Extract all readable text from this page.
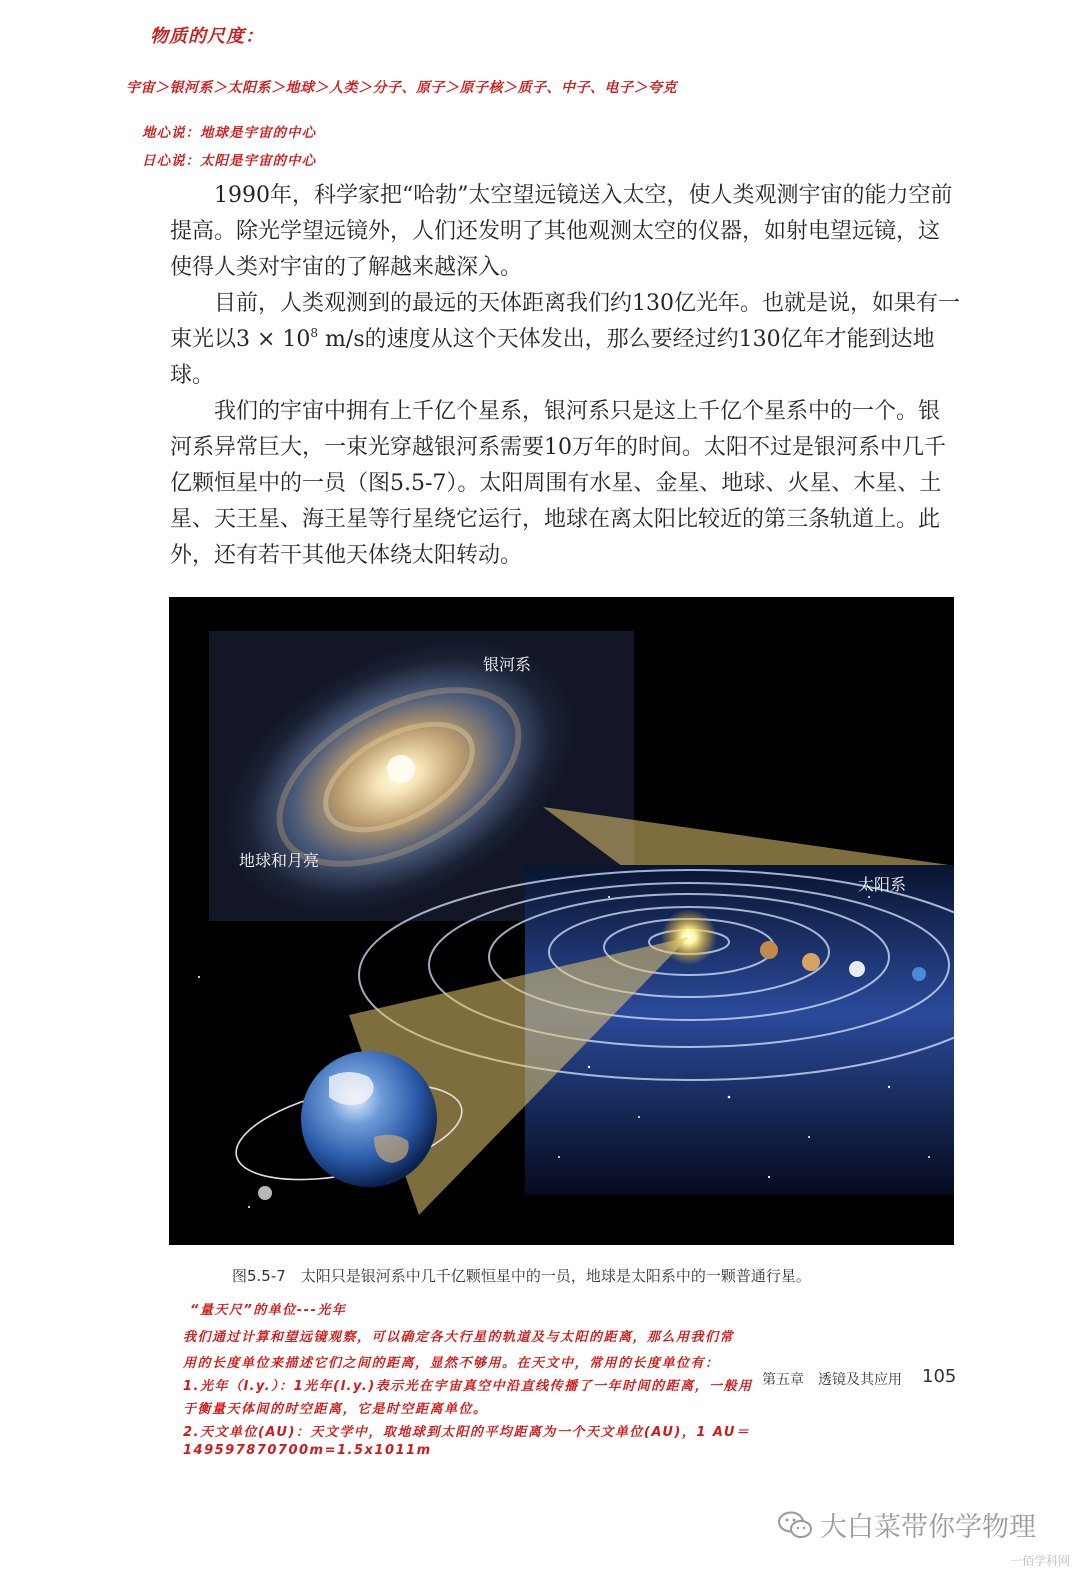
物质的尺度：
宇宙＞银河系＞太阳系＞地球＞人类＞分子、原子＞原子核＞质子、中子、电子＞夸克
地心说：地球是宇宙的中心
日心说：太阳是宇宙的中心

1990年，科学家把“哈勃”太空望远镜送入太空，使人类观测宇宙的能力空前提高。除光学望远镜外，人们还发明了其他观测太空的仪器，如射电望远镜，这使得人类对宇宙的了解越来越深入。

目前，人类观测到的最远的天体距离我们约130亿光年。也就是说，如果有一束光以$3 \times 10^8$ m/s的速度从这个天体发出，那么要经过约130亿年才能到达地球。

我们的宇宙中拥有上千亿个星系，银河系只是这上千亿个星系中的一个。银河系异常巨大，一束光穿越银河系需要10万年的时间。太阳不过是银河系中几千亿颗恒星中的一员（图5.5-7）。太阳周围有水星、金星、地球、火星、木星、土星、天王星、海王星等行星绕它运行，地球在离太阳比较近的第三条轨道上。此外，还有若干其他天体绕太阳转动。

银河系
太阳系
地球和月亮
图5.5-7　太阳只是银河系中几千亿颗恒星中的一员，地球是太阳系中的一颗普通行星。
“量天尺”的单位---光年
我们通过计算和望远镜观察，可以确定各大行星的轨道及与太阳的距离，那么用我们常
用的长度单位来描述它们之间的距离，显然不够用。在天文中，常用的长度单位有：
第五章　透镜及其应用 105
1.光年（l.y.）：1光年(l.y.)表示光在宇宙真空中沿直线传播了一年时间的距离，一般用
于衡量天体间的时空距离，它是时空距离单位。
2.天文单位(AU)：天文学中，取地球到太阳的平均距离为一个天文单位(AU)，1 AU＝
149597870700m=1.5x1011m
大白菜带你学物理
一佰学科网
